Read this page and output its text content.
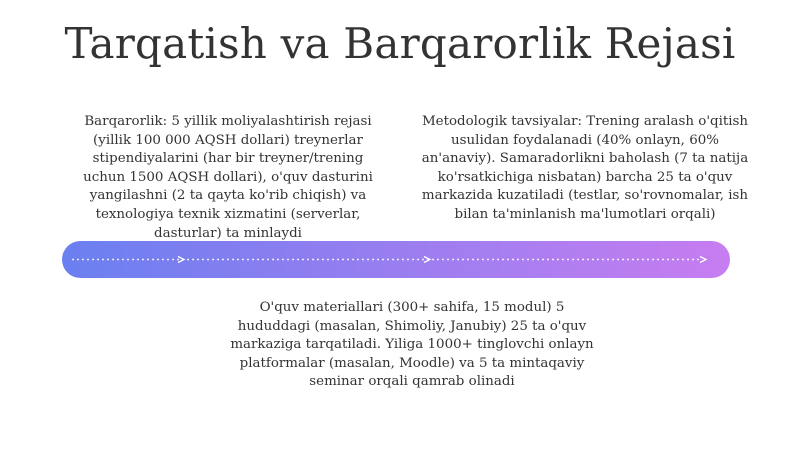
Tarqatish va Barqarorlik Rejasi
Barqarorlik: 5 yillik moliyalashtirish rejasi (yillik 100 000 AQSH dollari) treynerlar stipendiyalarini (har bir treyner/trening uchun 1500 AQSH dollari), o'quv dasturini yangilashni (2 ta qayta ko'rib chiqish) va texnologiya texnik xizmatini (serverlar, dasturlar) ta minlaydi
Metodologik tavsiyalar: Trening aralash o'qitish usulidan foydalanadi (40% onlayn, 60% an'anaviy). Samaradorlikni baholash (7 ta natija ko'rsatkichiga nisbatan) barcha 25 ta o'quv markazida kuzatiladi (testlar, so'rovnomalar, ish bilan ta'minlanish ma'lumotlari orqali)
O'quv materiallari (300+ sahifa, 15 modul) 5 hududdagi (masalan, Shimoliy, Janubiy) 25 ta o'quv markaziga tarqatiladi. Yiliga 1000+ tinglovchi onlayn platformalar (masalan, Moodle) va 5 ta mintaqaviy seminar orqali qamrab olinadi
